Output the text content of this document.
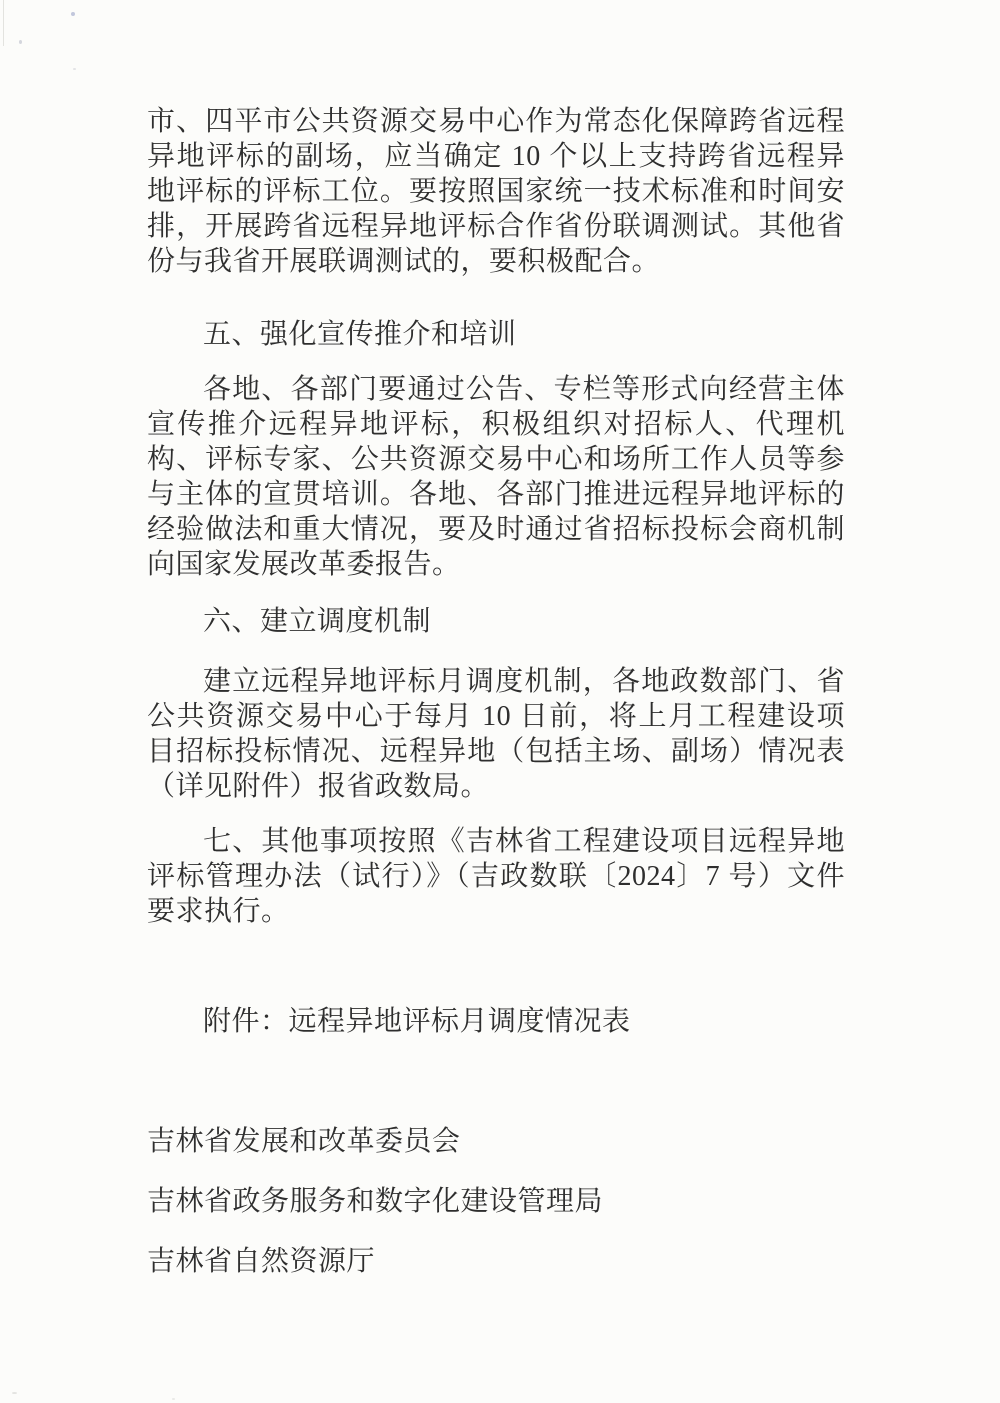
市、四平市公共资源交易中心作为常态化保障跨省远程异地评标的副场，应当确定 10 个以上支持跨省远程异地评标的评标工位。要按照国家统一技术标准和时间安排，开展跨省远程异地评标合作省份联调测试。其他省份与我省开展联调测试的，要积极配合。

五、强化宣传推介和培训

各地、各部门要通过公告、专栏等形式向经营主体宣传推介远程异地评标，积极组织对招标人、代理机构、评标专家、公共资源交易中心和场所工作人员等参与主体的宣贯培训。各地、各部门推进远程异地评标的经验做法和重大情况，要及时通过省招标投标会商机制向国家发展改革委报告。

六、建立调度机制

建立远程异地评标月调度机制，各地政数部门、省公共资源交易中心于每月 10 日前，将上月工程建设项目招标投标情况、远程异地（包括主场、副场）情况表（详见附件）报省政数局。

七、其他事项按照《吉林省工程建设项目远程异地评标管理办法（试行）》（吉政数联〔2024〕7 号）文件要求执行。

附件：远程异地评标月调度情况表

吉林省发展和改革委员会

吉林省政务服务和数字化建设管理局

吉林省自然资源厅
